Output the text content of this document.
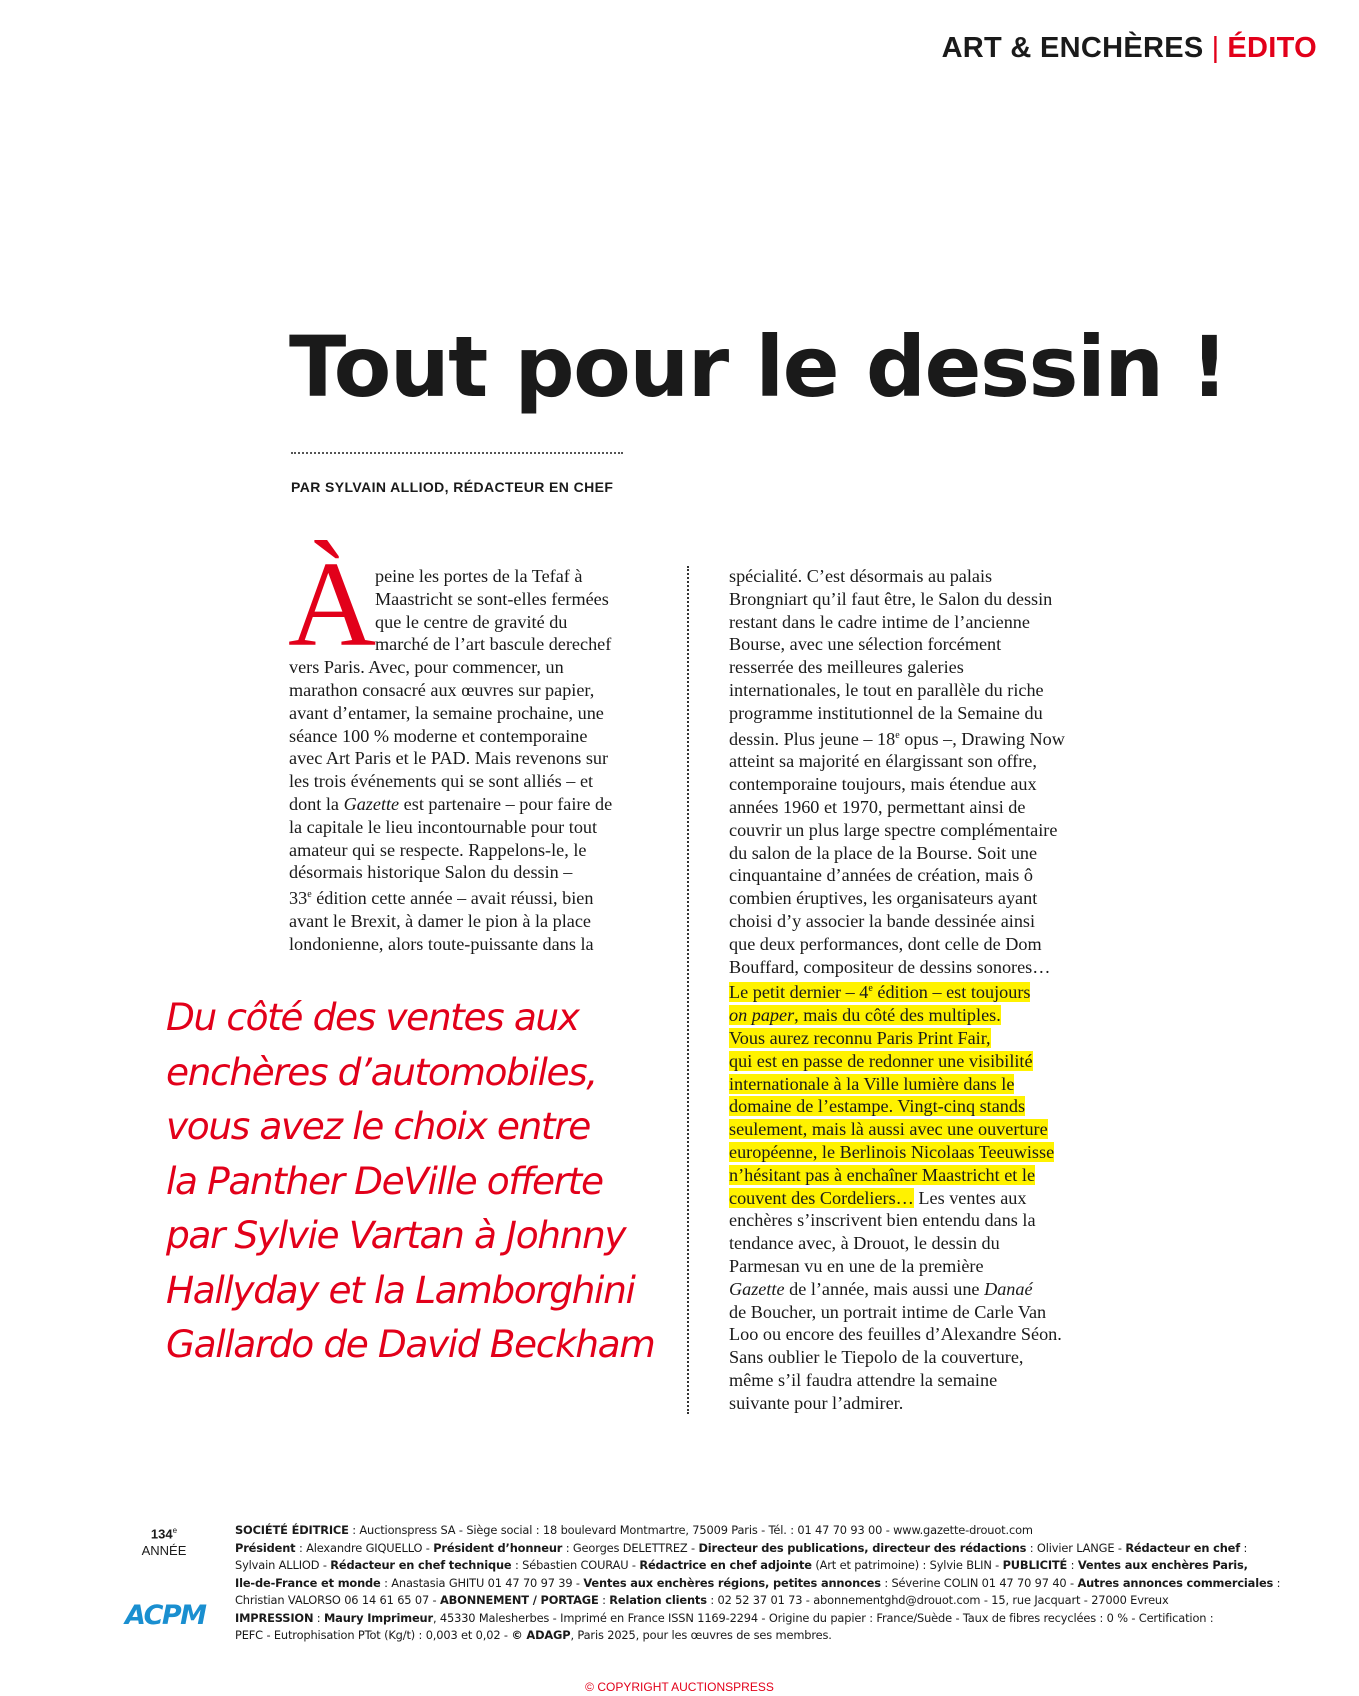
ART & ENCHÈRES | ÉDITO
Tout pour le dessin !
PAR SYLVAIN ALLIOD, RÉDACTEUR EN CHEF
À
peine les portes de la Tefaf à
Maastricht se sont-elles fermées
que le centre de gravité du
marché de l’art bascule derechef
vers Paris. Avec, pour commencer, un
marathon consacré aux œuvres sur papier,
avant d’entamer, la semaine prochaine, une
séance 100 % moderne et contemporaine
avec Art Paris et le PAD. Mais revenons sur
les trois événements qui se sont alliés – et
dont la Gazette est partenaire – pour faire de
la capitale le lieu incontournable pour tout
amateur qui se respecte. Rappelons-le, le
désormais historique Salon du dessin –
33e édition cette année – avait réussi, bien
avant le Brexit, à damer le pion à la place
londonienne, alors toute-puissante dans la
spécialité. C’est désormais au palais
Brongniart qu’il faut être, le Salon du dessin
restant dans le cadre intime de l’ancienne
Bourse, avec une sélection forcément
resserrée des meilleures galeries
internationales, le tout en parallèle du riche
programme institutionnel de la Semaine du
dessin. Plus jeune – 18e opus –, Drawing Now
atteint sa majorité en élargissant son offre,
contemporaine toujours, mais étendue aux
années 1960 et 1970, permettant ainsi de
couvrir un plus large spectre complémentaire
du salon de la place de la Bourse. Soit une
cinquantaine d’années de création, mais ô
combien éruptives, les organisateurs ayant
choisi d’y associer la bande dessinée ainsi
que deux performances, dont celle de Dom
Bouffard, compositeur de dessins sonores…
Le petit dernier – 4e édition – est toujours
on paper, mais du côté des multiples.
Vous aurez reconnu Paris Print Fair,
qui est en passe de redonner une visibilité
internationale à la Ville lumière dans le
domaine de l’estampe. Vingt-cinq stands
seulement, mais là aussi avec une ouverture
européenne, le Berlinois Nicolaas Teeuwisse
n’hésitant pas à enchaîner Maastricht et le
couvent des Cordeliers… Les ventes aux
enchères s’inscrivent bien entendu dans la
tendance avec, à Drouot, le dessin du
Parmesan vu en une de la première
Gazette de l’année, mais aussi une Danaé
de Boucher, un portrait intime de Carle Van
Loo ou encore des feuilles d’Alexandre Séon.
Sans oublier le Tiepolo de la couverture,
même s’il faudra attendre la semaine
suivante pour l’admirer.
Du côté des ventes aux
enchères d’automobiles,
vous avez le choix entre
la Panther DeVille offerte
par Sylvie Vartan à Johnny
Hallyday et la Lamborghini
Gallardo de David Beckham
134e
ANNÉE
ACPM
SOCIÉTÉ ÉDITRICE : Auctionspress SA - Siège social : 18 boulevard Montmartre, 75009 Paris - Tél. : 01 47 70 93 00 - www.gazette-drouot.com
Président : Alexandre GIQUELLO - Président d’honneur : Georges DELETTREZ - Directeur des publications, directeur des rédactions : Olivier LANGE - Rédacteur en chef :
Sylvain ALLIOD - Rédacteur en chef technique : Sébastien COURAU - Rédactrice en chef adjointe (Art et patrimoine) : Sylvie BLIN - PUBLICITÉ : Ventes aux enchères Paris,
Ile-de-France et monde : Anastasia GHITU 01 47 70 97 39 - Ventes aux enchères régions, petites annonces : Séverine COLIN 01 47 70 97 40 - Autres annonces commerciales :
Christian VALORSO 06 14 61 65 07 - ABONNEMENT / PORTAGE : Relation clients : 02 52 37 01 73 - abonnementghd@drouot.com - 15, rue Jacquart - 27000 Evreux
IMPRESSION : Maury Imprimeur, 45330 Malesherbes - Imprimé en France ISSN 1169-2294 - Origine du papier : France/Suède - Taux de fibres recyclées : 0 % - Certification :
PEFC - Eutrophisation PTot (Kg/t) : 0,003 et 0,02 - © ADAGP, Paris 2025, pour les œuvres de ses membres.
© COPYRIGHT AUCTIONSPRESS
